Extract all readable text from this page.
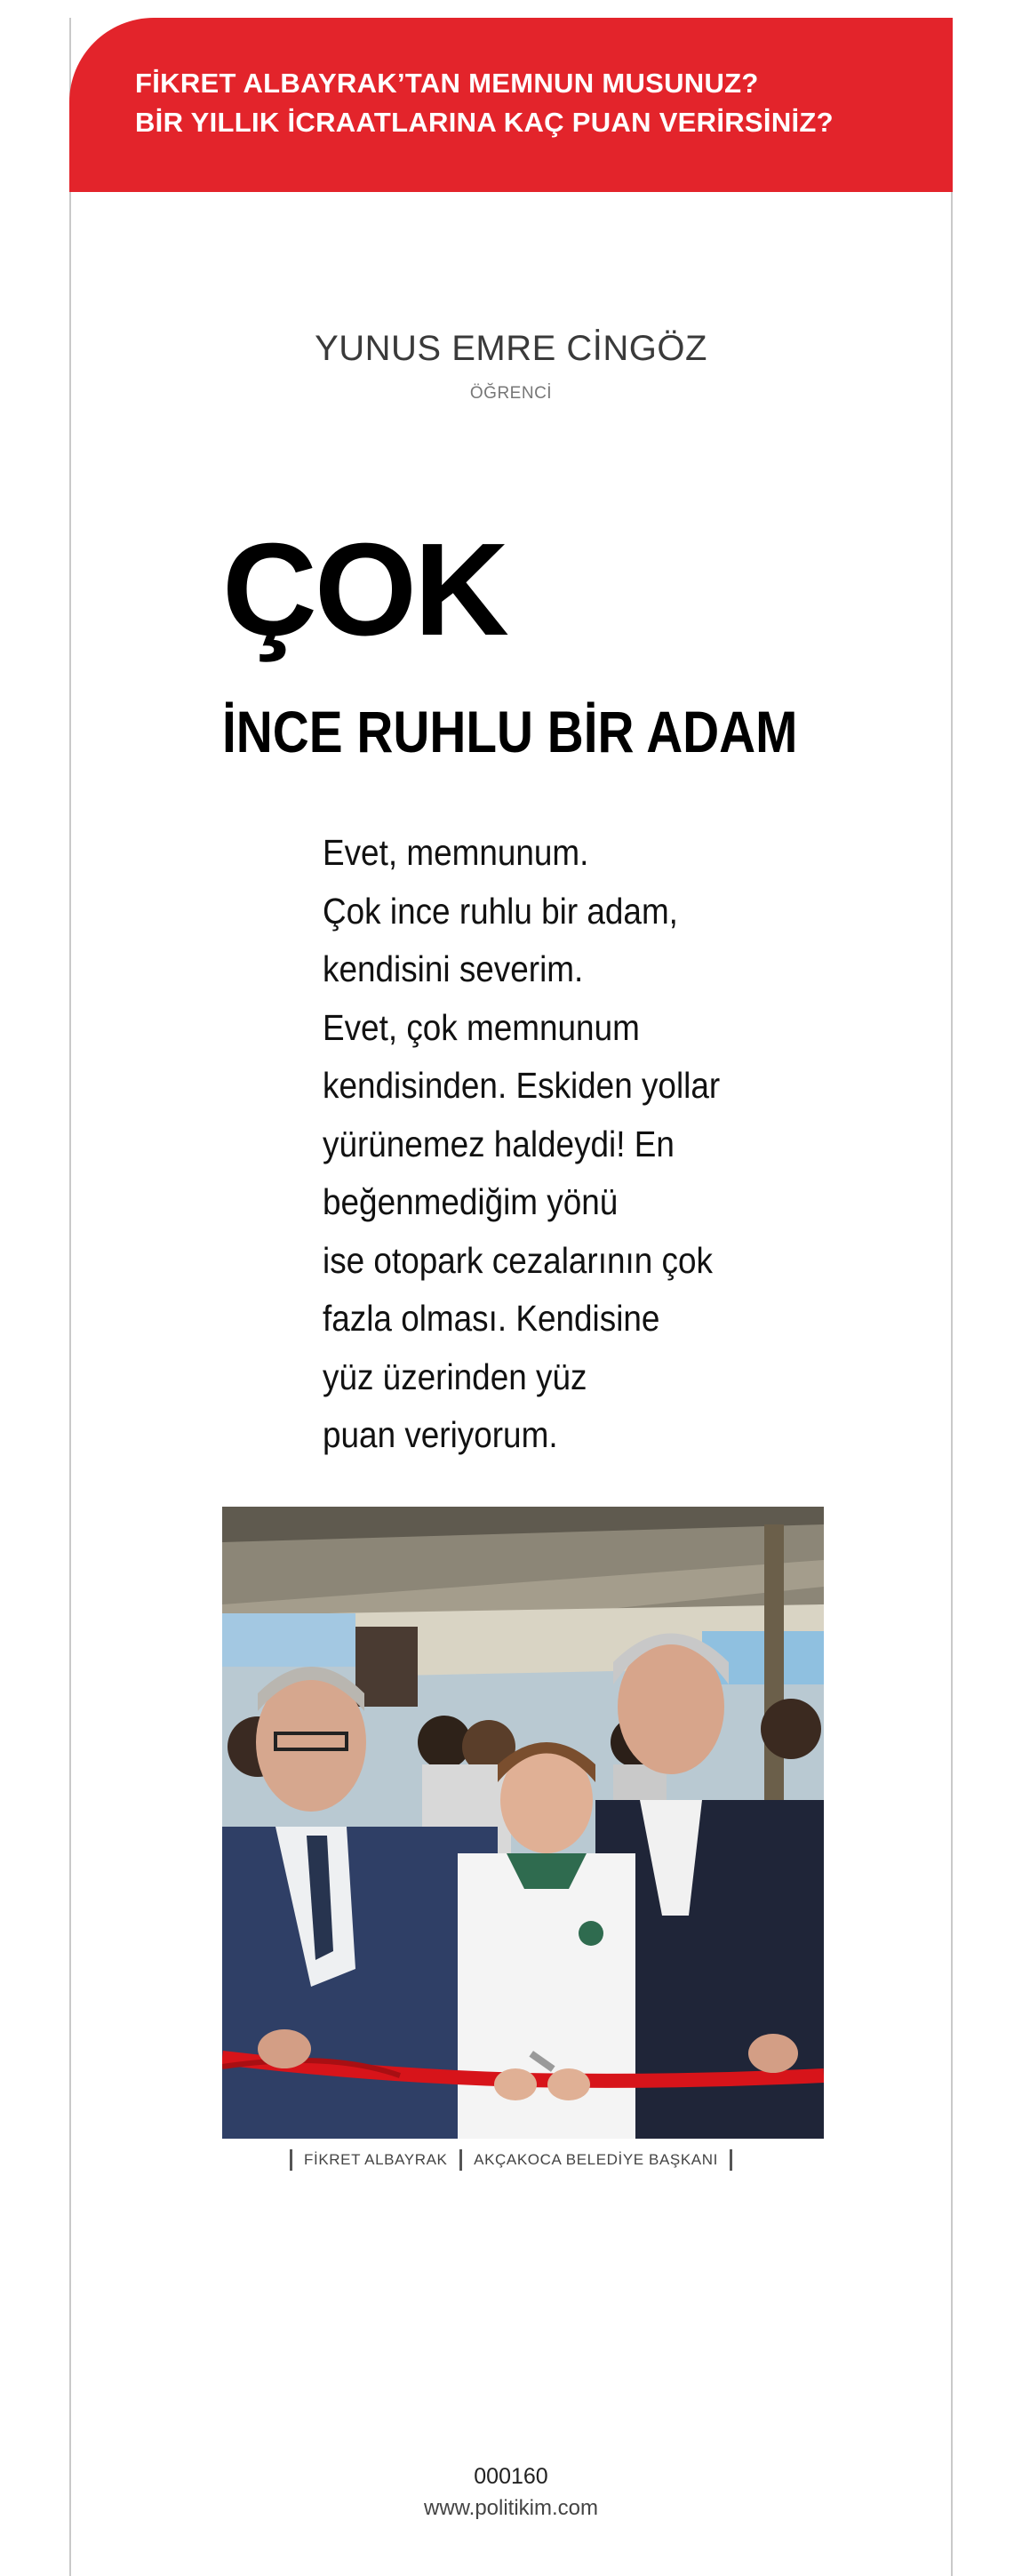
FİKRET ALBAYRAK’TAN MEMNUN MUSUNUZ?
BİR YILLIK İCRAATLARINA KAÇ PUAN VERİRSİNİZ?
YUNUS EMRE CİNGÖZ
ÖĞRENCİ
ÇOK
İNCE RUHLU BİR ADAM
Evet, memnunum.
Çok ince ruhlu bir adam,
kendisini severim.
Evet, çok memnunum
kendisinden. Eskiden yollar
yürünemez haldeydi! En
beğenmediğim yönü
ise otopark cezalarının çok
fazla olması. Kendisine
yüz üzerinden yüz
puan veriyorum.
FİKRET ALBAYRAK AKÇAKOCA BELEDİYE BAŞKANI
000160
www.politikim.com
